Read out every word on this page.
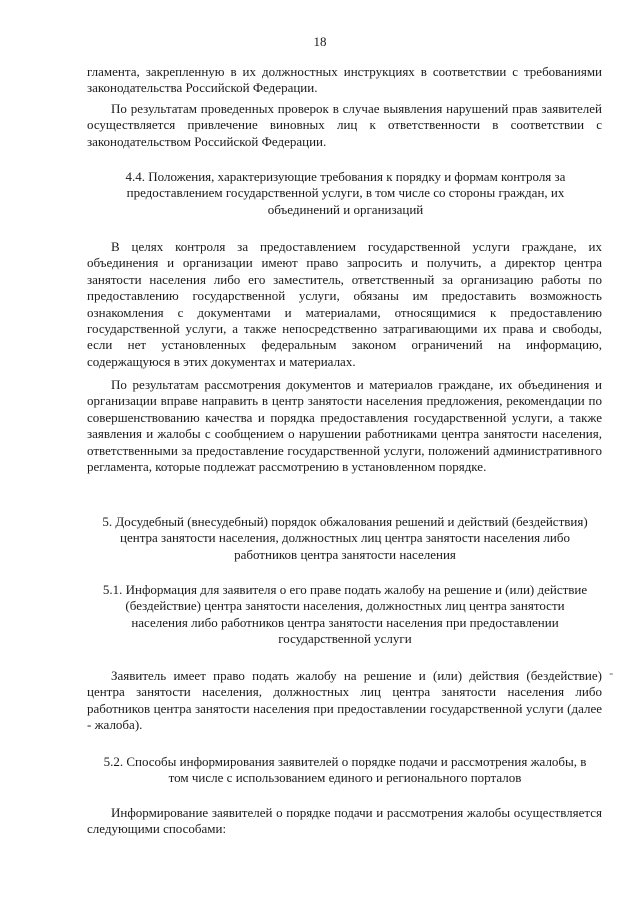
18
гламента, закрепленную в их должностных инструкциях в соответствии с требованиями законодательства Российской Федерации.
По результатам проведенных проверок в случае выявления нарушений прав заявителей осуществляется привлечение виновных лиц к ответственности в соответствии с законодательством Российской Федерации.
4.4. Положения, характеризующие требования к порядку и формам контроля за предоставлением государственной услуги, в том числе со стороны граждан, их объединений и организаций
В целях контроля за предоставлением государственной услуги граждане, их объединения и организации имеют право запросить и получить, а директор центра занятости населения либо его заместитель, ответственный за организацию работы по предоставлению государственной услуги, обязаны им предоставить возможность ознакомления с документами и материалами, относящимися к предоставлению государственной услуги, а также непосредственно затрагивающими их права и свободы, если нет установленных федеральным законом ограничений на информацию, содержащуюся в этих документах и материалах.
По результатам рассмотрения документов и материалов граждане, их объединения и организации вправе направить в центр занятости населения предложения, рекомендации по совершенствованию качества и порядка предоставления государственной услуги, а также заявления и жалобы с сообщением о нарушении работниками центра занятости населения, ответственными за предоставление государственной услуги, положений административного регламента, которые подлежат рассмотрению в установленном порядке.
5. Досудебный (внесудебный) порядок обжалования решений и действий (бездействия) центра занятости населения, должностных лиц центра занятости населения либо работников центра занятости населения
5.1. Информация для заявителя о его праве подать жалобу на решение и (или) действие (бездействие) центра занятости населения, должностных лиц центра занятости населения либо работников центра занятости населения при предоставлении государственной услуги
Заявитель имеет право подать жалобу на решение и (или) действия (бездействие) центра занятости населения, должностных лиц центра занятости населения либо работников центра занятости населения при предоставлении государственной услуги (далее - жалоба).
5.2. Способы информирования заявителей о порядке подачи и рассмотрения жалобы, в том числе с использованием единого и регионального порталов
Информирование заявителей о порядке подачи и рассмотрения жалобы осуществляется следующими способами:
-
